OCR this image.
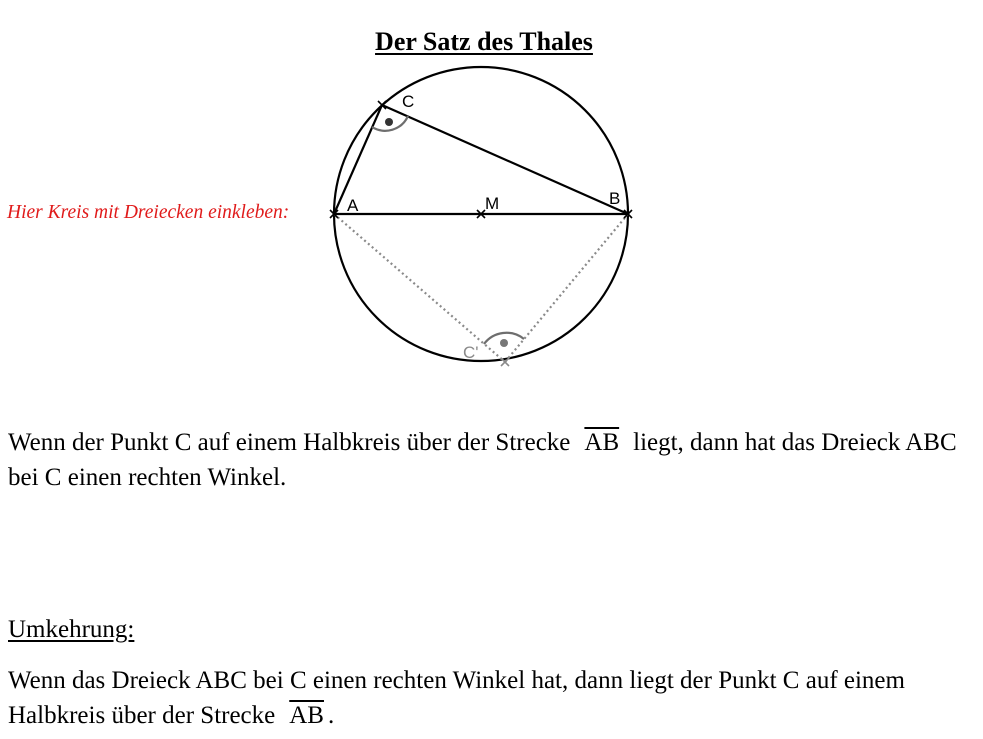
Der Satz des Thales
Hier Kreis mit Dreiecken einkleben:	A	M	B
C
C'

Wenn der Punkt C auf einem Halbkreis über der Strecke $\overline{AB}$ liegt, dann hat das Dreieck ABC bei C einen rechten Winkel.

Umkehrung:

Wenn das Dreieck ABC bei C einen rechten Winkel hat, dann liegt der Punkt C auf einem Halbkreis über der Strecke $\overline{AB}$ .
